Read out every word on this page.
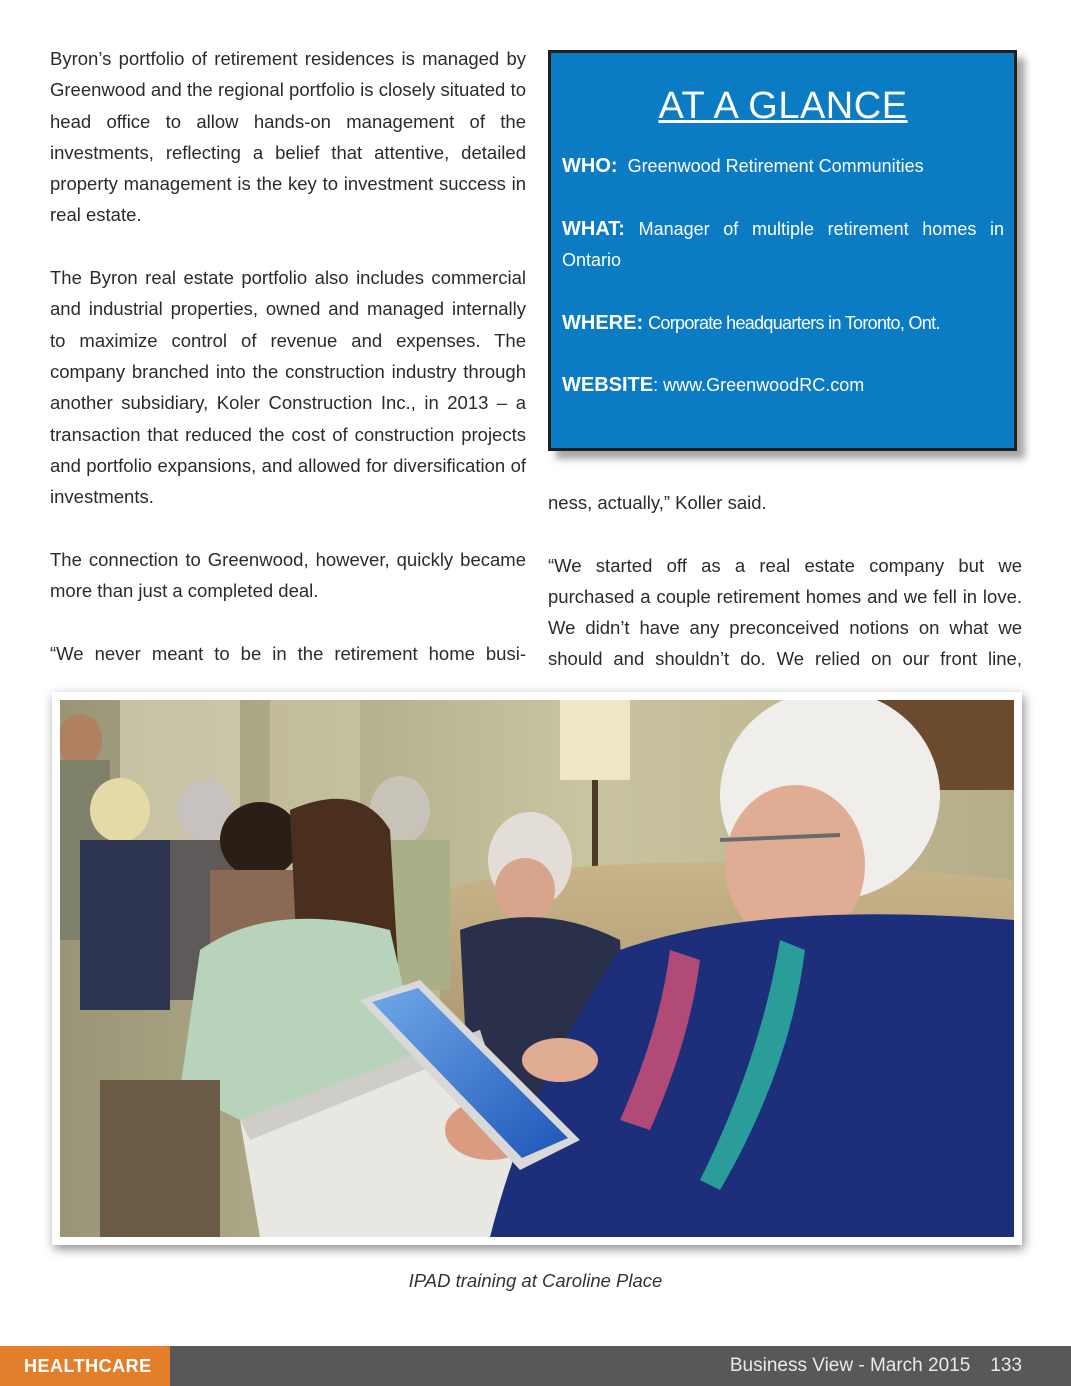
Byron’s portfolio of retirement residences is managed by Greenwood and the regional portfolio is closely situated to head office to allow hands-on management of the investments, reflecting a belief that attentive, detailed property management is the key to investment success in real estate.

The Byron real estate portfolio also includes commercial and industrial properties, owned and managed internally to maximize control of revenue and expenses. The company branched into the construction industry through another subsidiary, Koler Construction Inc., in 2013 – a transaction that reduced the cost of construction projects and portfolio expansions, and allowed for diversification of investments.

The connection to Greenwood, however, quickly became more than just a completed deal.

“We never meant to be in the retirement home busi-

AT A GLANCE
WHO: Greenwood Retirement Communities
WHAT: Manager of multiple retirement homes in Ontario
WHERE: Corporate headquarters in Toronto, Ont.
WEBSITE: www.GreenwoodRC.com

ness, actually,” Koller said.

“We started off as a real estate company but we purchased a couple retirement homes and we fell in love. We didn’t have any preconceived notions on what we should and shouldn’t do. We relied on our front line,

IPAD training at Caroline Place
HEALTHCARE	Business View - March 2015 133
